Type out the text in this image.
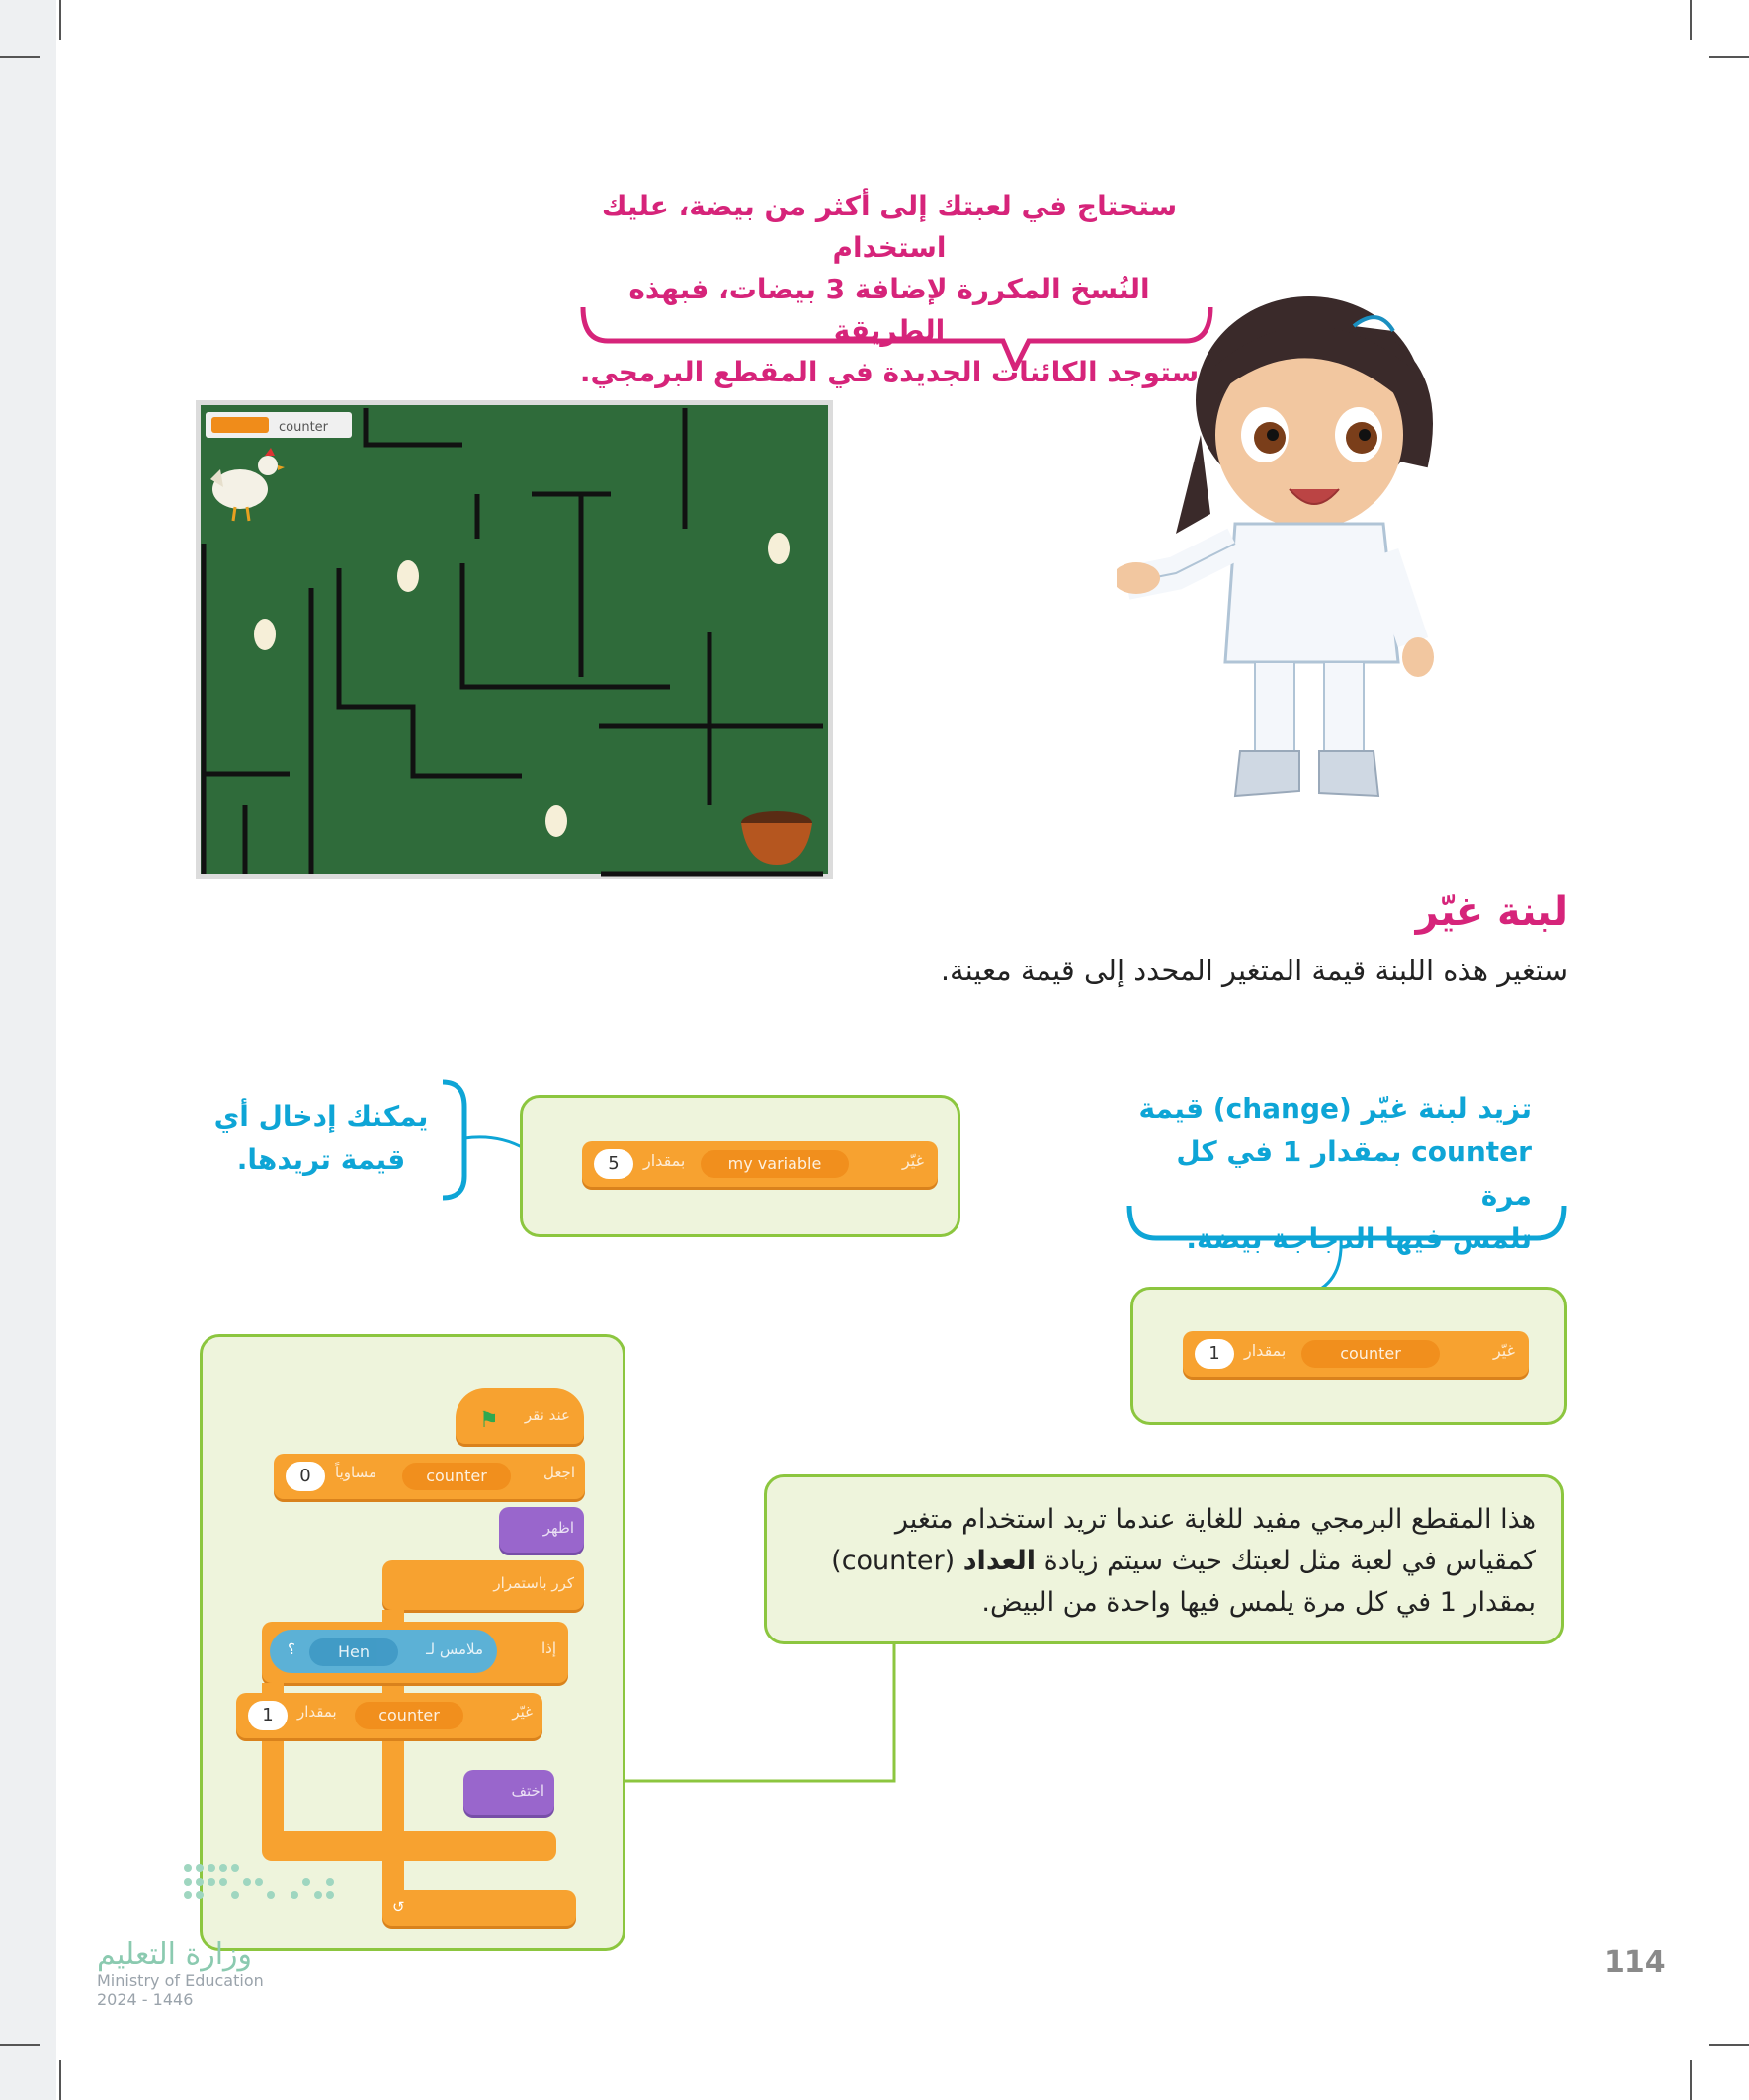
ستحتاج في لعبتك إلى أكثر من بيضة، عليك استخدام
النُسخ المكررة لإضافة 3 بيضات، فبهذه الطريقة
ستوجد الكائنات الجديدة في المقطع البرمجي.
counter
لبنة غيّر
ستغير هذه اللبنة قيمة المتغير المحدد إلى قيمة معينة.
يمكنك إدخال أي
قيمة تريدها.	5	بمقدار	my variable	غيّر
تزيد لبنة غيّر (change) قيمة
counter بمقدار 1 في كل مرة
تلمس فيها الدجاجة بيضة.
1	بمقدار	counter	غيّر
⚑ عند نقر
0	مساوياً	counter	اجعل
اظهر
كرر باستمرار
؟	Hen	ملامس لـ	إذا
1	بمقدار	counter	غيّر
اختف
↺
هذا المقطع البرمجي مفيد للغاية عندما تريد استخدام متغير
كمقياس في لعبة مثل لعبتك حيث سيتم زيادة العداد (counter)
بمقدار 1 في كل مرة يلمس فيها واحدة من البيض.
وزارة التعليم
Ministry of Education
2024 - 1446
114
